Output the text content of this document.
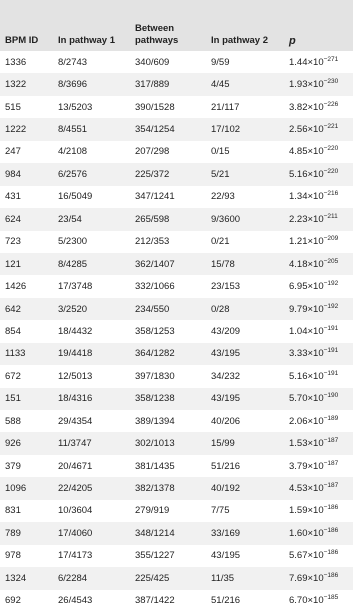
BPM ID	In pathway 1	Between pathways	In pathway 2	p
1336	8/2743	340/609	9/59	$1.44\times 10^{-271}$
1322	8/3696	317/889	4/45	$1.93\times 10^{-230}$
515	13/5203	390/1528	21/117	$3.82\times 10^{-226}$
1222	8/4551	354/1254	17/102	$2.56\times 10^{-221}$
247	4/2108	207/298	0/15	$4.85\times 10^{-220}$
984	6/2576	225/372	5/21	$5.16\times 10^{-220}$
431	16/5049	347/1241	22/93	$1.34\times 10^{-216}$
624	23/54	265/598	9/3600	$2.23\times 10^{-211}$
723	5/2300	212/353	0/21	$1.21\times 10^{-209}$
121	8/4285	362/1407	15/78	$4.18\times 10^{-205}$
1426	17/3748	332/1066	23/153	$6.95\times 10^{-192}$
642	3/2520	234/550	0/28	$9.79\times 10^{-192}$
854	18/4432	358/1253	43/209	$1.04\times 10^{-191}$
1133	19/4418	364/1282	43/195	$3.33\times 10^{-191}$
672	12/5013	397/1830	34/232	$5.16\times 10^{-191}$
151	18/4316	358/1238	43/195	$5.70\times 10^{-190}$
588	29/4354	389/1394	40/206	$2.06\times 10^{-189}$
926	11/3747	302/1013	15/99	$1.53\times 10^{-187}$
379	20/4671	381/1435	51/216	$3.79\times 10^{-187}$
1096	22/4205	382/1378	40/192	$4.53\times 10^{-187}$
831	10/3604	279/919	7/75	$1.59\times 10^{-186}$
789	17/4060	348/1214	33/169	$1.60\times 10^{-186}$
978	17/4173	355/1227	43/195	$5.67\times 10^{-186}$
1324	6/2284	225/425	11/35	$7.69\times 10^{-186}$
692	26/4543	387/1422	51/216	$6.70\times 10^{-185}$
